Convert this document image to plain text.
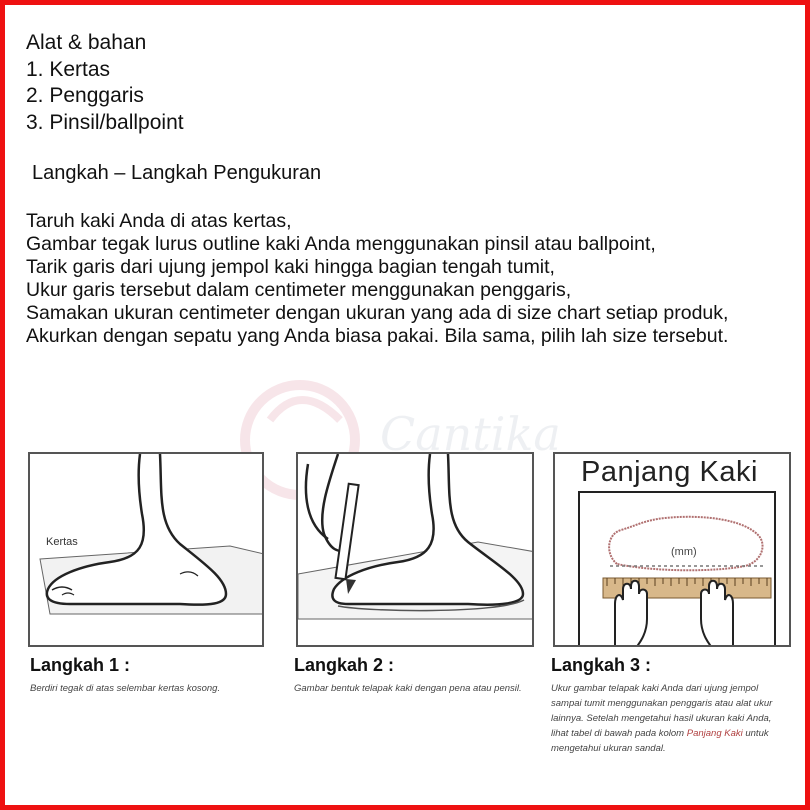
Alat & bahan
1. Kertas
2. Penggaris
3. Pinsil/ballpoint
Langkah – Langkah Pengukuran
Taruh kaki Anda di atas kertas,
Gambar tegak lurus outline kaki Anda menggunakan pinsil atau ballpoint,
Tarik garis dari ujung jempol kaki hingga bagian tengah tumit,
Ukur garis tersebut dalam centimeter menggunakan penggaris,
Samakan ukuran centimeter dengan ukuran yang ada di size chart setiap produk,
Akurkan dengan sepatu yang Anda biasa pakai. Bila sama, pilih lah size tersebut.
Cantika
Kertas
Panjang Kaki
(mm)
Langkah 1 :
Berdiri tegak di atas selembar kertas kosong.
Langkah 2 :
Gambar bentuk telapak kaki dengan pena atau pensil.
Langkah 3 :
Ukur gambar telapak kaki Anda dari ujung jempol sampai tumit menggunakan penggaris atau alat ukur lainnya. Setelah mengetahui hasil ukuran kaki Anda, lihat tabel di bawah pada kolom Panjang Kaki untuk mengetahui ukuran sandal.
